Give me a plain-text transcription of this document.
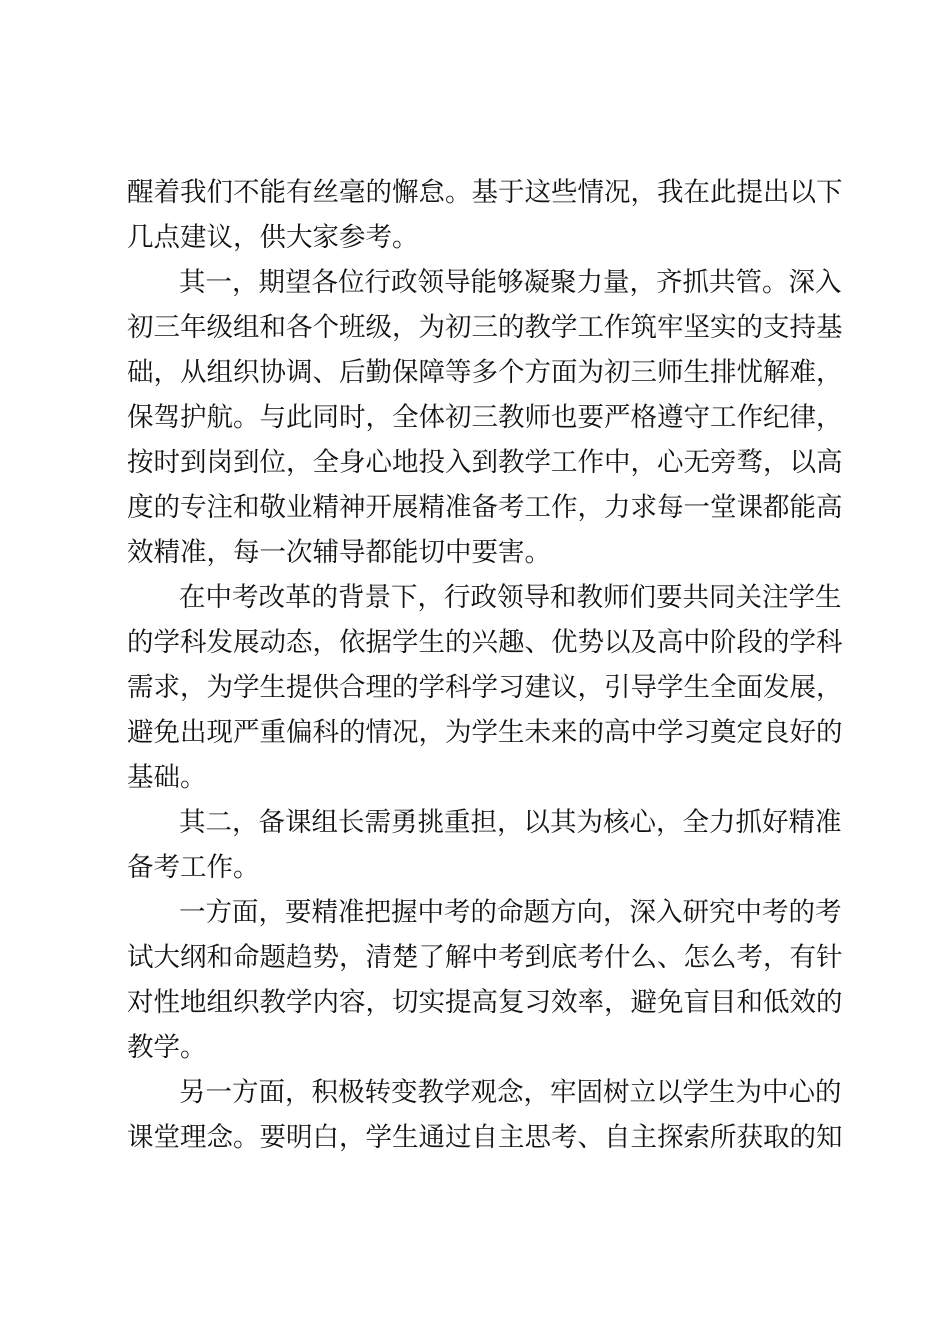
醒着我们不能有丝毫的懈怠。基于这些情况，我在此提出以下
几点建议，供大家参考。
其一，期望各位行政领导能够凝聚力量，齐抓共管。深入
初三年级组和各个班级，为初三的教学工作筑牢坚实的支持基
础，从组织协调、后勤保障等多个方面为初三师生排忧解难，
保驾护航。与此同时，全体初三教师也要严格遵守工作纪律，
按时到岗到位，全身心地投入到教学工作中，心无旁骛，以高
度的专注和敬业精神开展精准备考工作，力求每一堂课都能高
效精准，每一次辅导都能切中要害。
在中考改革的背景下，行政领导和教师们要共同关注学生
的学科发展动态，依据学生的兴趣、优势以及高中阶段的学科
需求，为学生提供合理的学科学习建议，引导学生全面发展，
避免出现严重偏科的情况，为学生未来的高中学习奠定良好的
基础。
其二，备课组长需勇挑重担，以其为核心，全力抓好精准
备考工作。
一方面，要精准把握中考的命题方向，深入研究中考的考
试大纲和命题趋势，清楚了解中考到底考什么、怎么考，有针
对性地组织教学内容，切实提高复习效率，避免盲目和低效的
教学。
另一方面，积极转变教学观念，牢固树立以学生为中心的
课堂理念。要明白，学生通过自主思考、自主探索所获取的知
